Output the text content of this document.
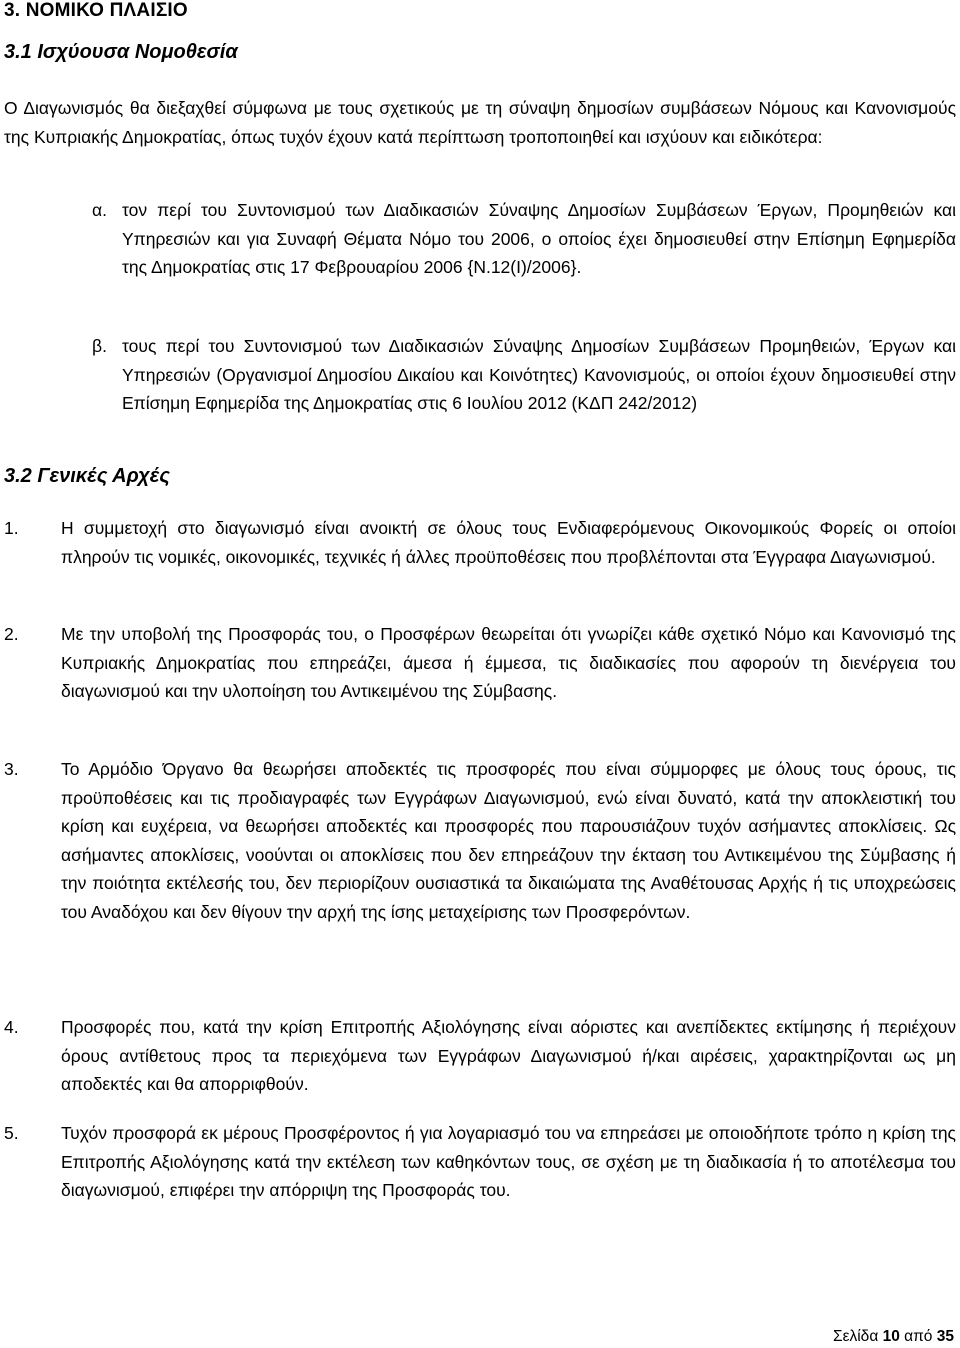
3. ΝΟΜΙΚΟ ΠΛΑΙΣΙΟ
3.1 Ισχύουσα Νομοθεσία

Ο Διαγωνισμός θα διεξαχθεί σύμφωνα με τους σχετικούς με τη σύναψη δημοσίων συμβάσεων Νόμους και Κανονισμούς της Κυπριακής Δημοκρατίας, όπως τυχόν έχουν κατά περίπτωση τροποποιηθεί και ισχύουν και ειδικότερα:

α. τον περί του Συντονισμού των Διαδικασιών Σύναψης Δημοσίων Συμβάσεων Έργων, Προμηθειών και Υπηρεσιών και για Συναφή Θέματα Νόμο του 2006, ο οποίος έχει δημοσιευθεί στην Επίσημη Εφημερίδα της Δημοκρατίας στις 17 Φεβρουαρίου 2006 {Ν.12(Ι)/2006}.

β. τους περί του Συντονισμού των Διαδικασιών Σύναψης Δημοσίων Συμβάσεων Προμηθειών, Έργων και Υπηρεσιών (Οργανισμοί Δημοσίου Δικαίου και Κοινότητες) Κανονισμούς, οι οποίοι έχουν δημοσιευθεί στην Επίσημη Εφημερίδα της Δημοκρατίας στις 6 Ιουλίου 2012 (ΚΔΠ 242/2012)

3.2 Γενικές Αρχές
1. Η συμμετοχή στο διαγωνισμό είναι ανοικτή σε όλους τους Ενδιαφερόμενους Οικονομικούς Φορείς οι οποίοι πληρούν τις νομικές, οικονομικές, τεχνικές ή άλλες προϋποθέσεις που προβλέπονται στα Έγγραφα Διαγωνισμού.

2. Με την υποβολή της Προσφοράς του, ο Προσφέρων θεωρείται ότι γνωρίζει κάθε σχετικό Νόμο και Κανονισμό της Κυπριακής Δημοκρατίας που επηρεάζει, άμεσα ή έμμεσα, τις διαδικασίες που αφορούν τη διενέργεια του διαγωνισμού και την υλοποίηση του Αντικειμένου της Σύμβασης.

3. Το Αρμόδιο Όργανο θα θεωρήσει αποδεκτές τις προσφορές που είναι σύμμορφες με όλους τους όρους, τις προϋποθέσεις και τις προδιαγραφές των Εγγράφων Διαγωνισμού, ενώ είναι δυνατό, κατά την αποκλειστική του κρίση και ευχέρεια, να θεωρήσει αποδεκτές και προσφορές που παρουσιάζουν τυχόν ασήμαντες αποκλίσεις. Ως ασήμαντες αποκλίσεις, νοούνται οι αποκλίσεις που δεν επηρεάζουν την έκταση του Αντικειμένου της Σύμβασης ή την ποιότητα εκτέλεσής του, δεν περιορίζουν ουσιαστικά τα δικαιώματα της Αναθέτουσας Αρχής ή τις υποχρεώσεις του Αναδόχου και δεν θίγουν την αρχή της ίσης μεταχείρισης των Προσφερόντων.

4. Προσφορές που, κατά την κρίση Επιτροπής Αξιολόγησης είναι αόριστες και ανεπίδεκτες εκτίμησης ή περιέχουν όρους αντίθετους προς τα περιεχόμενα των Εγγράφων Διαγωνισμού ή/και αιρέσεις, χαρακτηρίζονται ως μη αποδεκτές και θα απορριφθούν.

5. Τυχόν προσφορά εκ μέρους Προσφέροντος ή για λογαριασμό του να επηρεάσει με οποιοδήποτε τρόπο η κρίση της Επιτροπής Αξιολόγησης κατά την εκτέλεση των καθηκόντων τους, σε σχέση με τη διαδικασία ή το αποτέλεσμα του διαγωνισμού, επιφέρει την απόρριψη της Προσφοράς του.

Σελίδα 10 από 35
